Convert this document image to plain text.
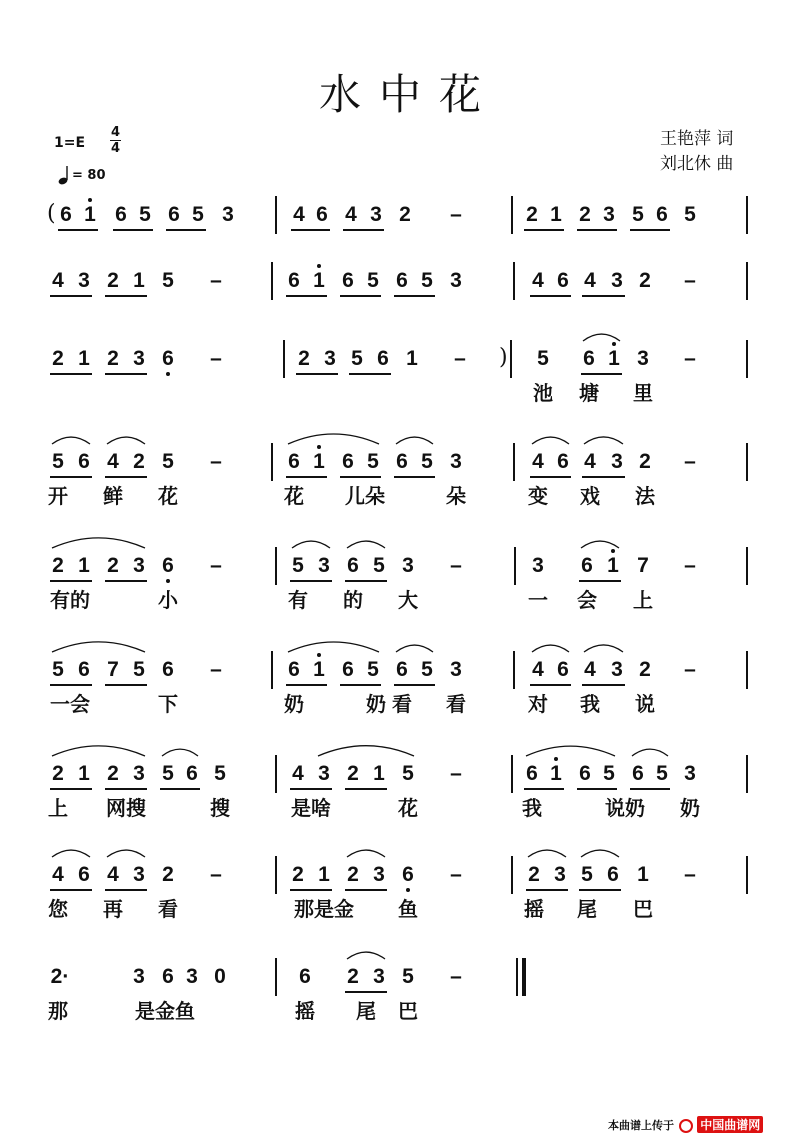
水中花
$1=E \frac{4}{4}$
= 80
王艳萍 词
刘北休 曲
6 1 6 5 6 5 3	4 6 4 3 2 –	2 1 2 3 5 6 5
(
4 3 2 1 5 –	6 1 6 5 6 5 3	4 6 4 3 2 –
2 1 2 3 6 –	2 3 5 6 1 –	5 6 1 3 –
)
池	塘	里
5 6 4 2 5 –	6 1 6 5 6 5 3	4 6 4 3 2 –
开	鲜	花	花	儿朵	朵	变	戏	法
2 1 2 3 6 –	5 3 6 5 3 –	3 6 1 7 –
有的	小	有	的	大	一	会	上
5 6 7 5 6 –	6 1 6 5 6 5 3	4 6 4 3 2 –
一会	下	奶	奶 看	看	对	我	说
2 1 2 3 5 6 5	4 3 2 1 5 –	6 1 6 5 6 5 3
上	网搜	搜	是啥	花	我	说奶	奶
4 6 4 3 2 –	2 1 2 3 6 –	2 3 5 6 1 –
您	再	看	那是金	鱼	摇	尾	巴
2·	3 6 3 0	6 2 3 5 –
那	是金鱼	摇	尾	巴
本曲谱上传于 中国曲谱网
